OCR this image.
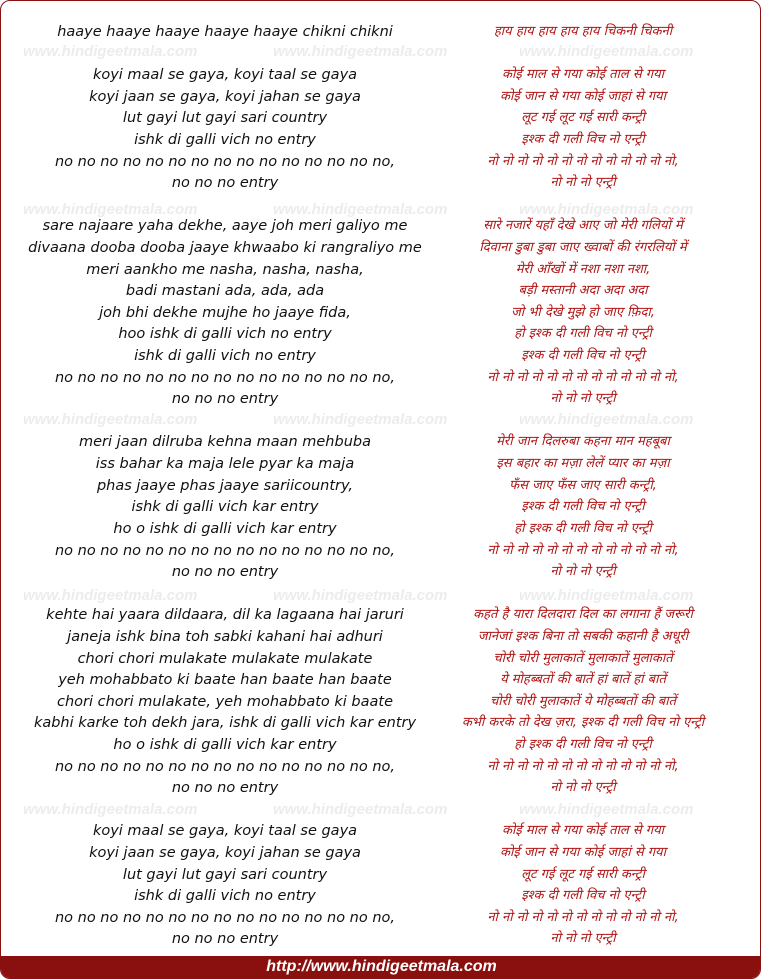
www.hindigeetmala.com	www.hindigeetmala.com	www.hindigeetmala.com
www.hindigeetmala.com	www.hindigeetmala.com	www.hindigeetmala.com
www.hindigeetmala.com	www.hindigeetmala.com	www.hindigeetmala.com
www.hindigeetmala.com	www.hindigeetmala.com	www.hindigeetmala.com
www.hindigeetmala.com	www.hindigeetmala.com	www.hindigeetmala.com
haaye haaye haaye haaye haaye chikni chikni	हाय हाय हाय हाय हाय चिकनी चिकनी
koyi maal se gaya, koyi taal se gaya	कोई माल से गया कोई ताल से गया
koyi jaan se gaya, koyi jahan se gaya	कोई जान से गया कोई जाहां से गया
lut gayi lut gayi sari country	लूट गई लूट गई सारी कन्ट्री
ishk di galli vich no entry	इश्क दी गली विच नो एन्ट्री
no no no no no no no no no no no no no no no,	नो नो नो नो नो नो नो नो नो नो नो नो नो,
no no no entry	नो नो नो एन्ट्री
sare najaare yaha dekhe, aaye joh meri galiyo me	सारे नजारें यहाँ देखे आए जो मेरी गलियों में
divaana dooba dooba jaaye khwaabo ki rangraliyo me	दिवाना डुबा डुबा जाए ख्वाबों की रंगरलियों में
meri aankho me nasha, nasha, nasha,	मेरी आँखों में नशा नशा नशा,
badi mastani ada, ada, ada	बड़ी मस्तानी अदा अदा अदा
joh bhi dekhe mujhe ho jaaye fida,	जो भी देखे मुझे हो जाए फ़िदा,
hoo ishk di galli vich no entry	हो इश्क दी गली विच नो एन्ट्री
ishk di galli vich no entry	इश्क दी गली विच नो एन्ट्री
no no no no no no no no no no no no no no no,	नो नो नो नो नो नो नो नो नो नो नो नो नो,
no no no entry	नो नो नो एन्ट्री
meri jaan dilruba kehna maan mehbuba	मेरी जान दिलरुबा कहना मान महबूबा
iss bahar ka maja lele pyar ka maja	इस बहार का मज़ा लेलें प्यार का मज़ा
phas jaaye phas jaaye sariicountry,	फँस जाए फँस जाए सारी कन्ट्री,
ishk di galli vich kar entry	इश्क दी गली विच नो एन्ट्री
ho o ishk di galli vich kar entry	हो इश्क दी गली विच नो एन्ट्री
no no no no no no no no no no no no no no no,	नो नो नो नो नो नो नो नो नो नो नो नो नो,
no no no entry	नो नो नो एन्ट्री
kehte hai yaara dildaara, dil ka lagaana hai jaruri	कहते है यारा दिलदारा दिल का लगाना हैं जरूरी
janeja ishk bina toh sabki kahani hai adhuri	जानेजां इश्क बिना तो सबकी कहानी है अधूरी
chori chori mulakate mulakate mulakate	चोरी चोरी मुलाकातें मुलाकातें मुलाकातें
yeh mohabbato ki baate han baate han baate	ये मोहब्बतों की बातें हां बातें हां बातें
chori chori mulakate, yeh mohabbato ki baate	चोरी चोरी मुलाकातें ये मोहब्बतों की बातें
kabhi karke toh dekh jara, ishk di galli vich kar entry	कभी करके तो देख ज़रा, इश्क दी गली विच नो एन्ट्री
ho o ishk di galli vich kar entry	हो इश्क दी गली विच नो एन्ट्री
no no no no no no no no no no no no no no no,	नो नो नो नो नो नो नो नो नो नो नो नो नो,
no no no entry	नो नो नो एन्ट्री
koyi maal se gaya, koyi taal se gaya	कोई माल से गया कोई ताल से गया
koyi jaan se gaya, koyi jahan se gaya	कोई जान से गया कोई जाहां से गया
lut gayi lut gayi sari country	लूट गई लूट गई सारी कन्ट्री
ishk di galli vich no entry	इश्क दी गली विच नो एन्ट्री
no no no no no no no no no no no no no no no,	नो नो नो नो नो नो नो नो नो नो नो नो नो,
no no no entry	नो नो नो एन्ट्री
http://www.hindigeetmala.com
